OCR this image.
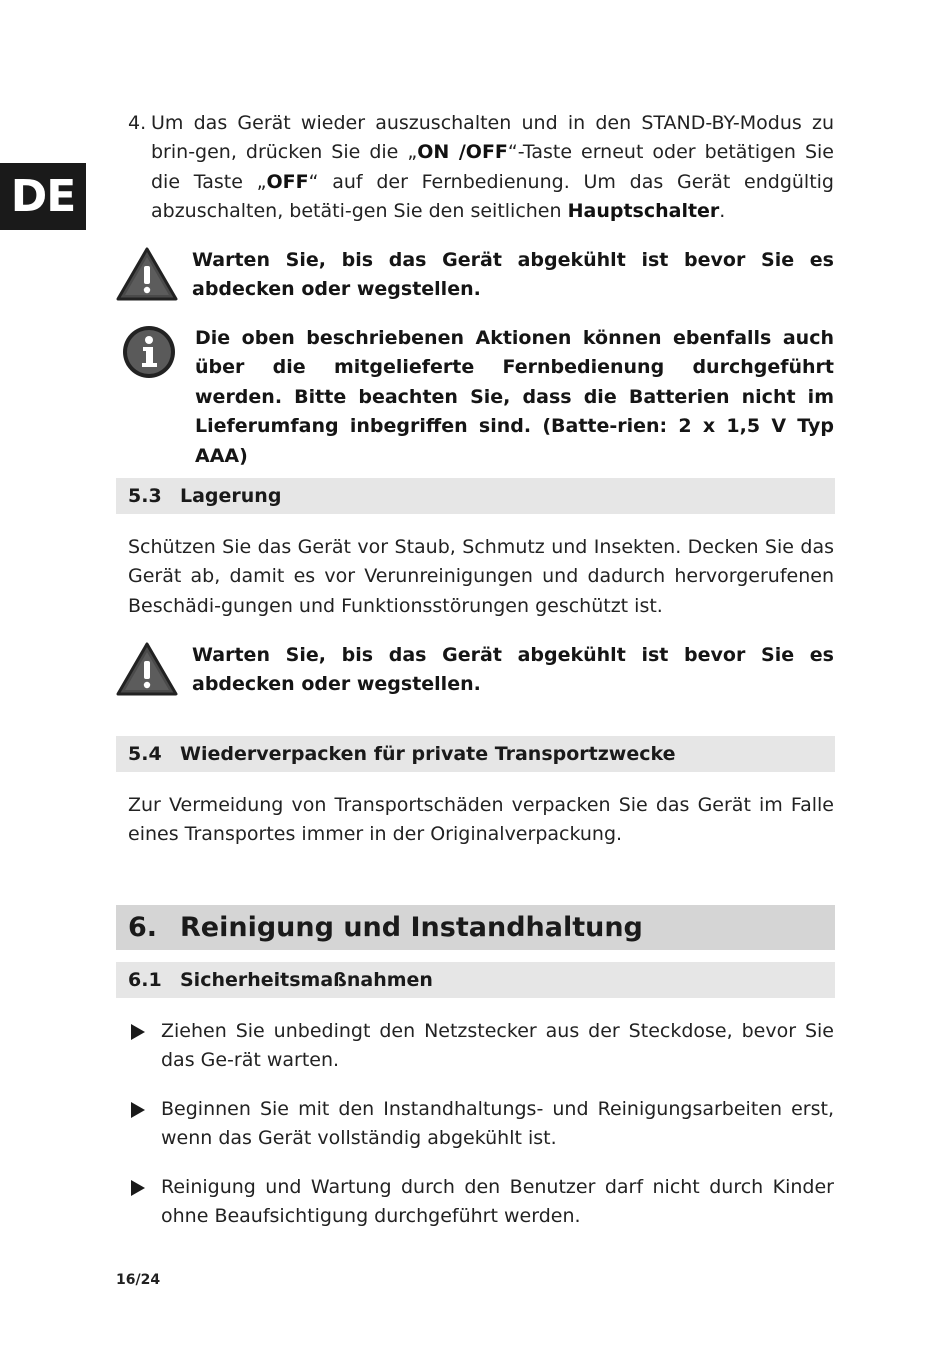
DE
4. Um das Gerät wieder auszuschalten und in den STAND-BY-Modus zu brin-gen, drücken Sie die „ON /OFF“-Taste erneut oder betätigen Sie die Taste „OFF“ auf der Fernbedienung. Um das Gerät endgültig abzuschalten, betäti-gen Sie den seitlichen Hauptschalter.
Warten Sie, bis das Gerät abgekühlt ist bevor Sie es abdecken oder wegstellen.
Die oben beschriebenen Aktionen können ebenfalls auch über die mitgelieferte Fernbedienung durchgeführt werden. Bitte beachten Sie, dass die Batterien nicht im Lieferumfang inbegriffen sind. (Batte-rien: 2 x 1,5 V Typ AAA)
5.3 Lagerung
Schützen Sie das Gerät vor Staub, Schmutz und Insekten. Decken Sie das Gerät ab, damit es vor Verunreinigungen und dadurch hervorgerufenen Beschädi-gungen und Funktionsstörungen geschützt ist.
Warten Sie, bis das Gerät abgekühlt ist bevor Sie es abdecken oder wegstellen.
5.4 Wiederverpacken für private Transportzwecke
Zur Vermeidung von Transportschäden verpacken Sie das Gerät im Falle eines Transportes immer in der Originalverpackung.
6. Reinigung und Instandhaltung
6.1 Sicherheitsmaßnahmen
Ziehen Sie unbedingt den Netzstecker aus der Steckdose, bevor Sie das Ge-rät warten.
Beginnen Sie mit den Instandhaltungs- und Reinigungsarbeiten erst, wenn das Gerät vollständig abgekühlt ist.
Reinigung und Wartung durch den Benutzer darf nicht durch Kinder ohne Beaufsichtigung durchgeführt werden.
16/24
